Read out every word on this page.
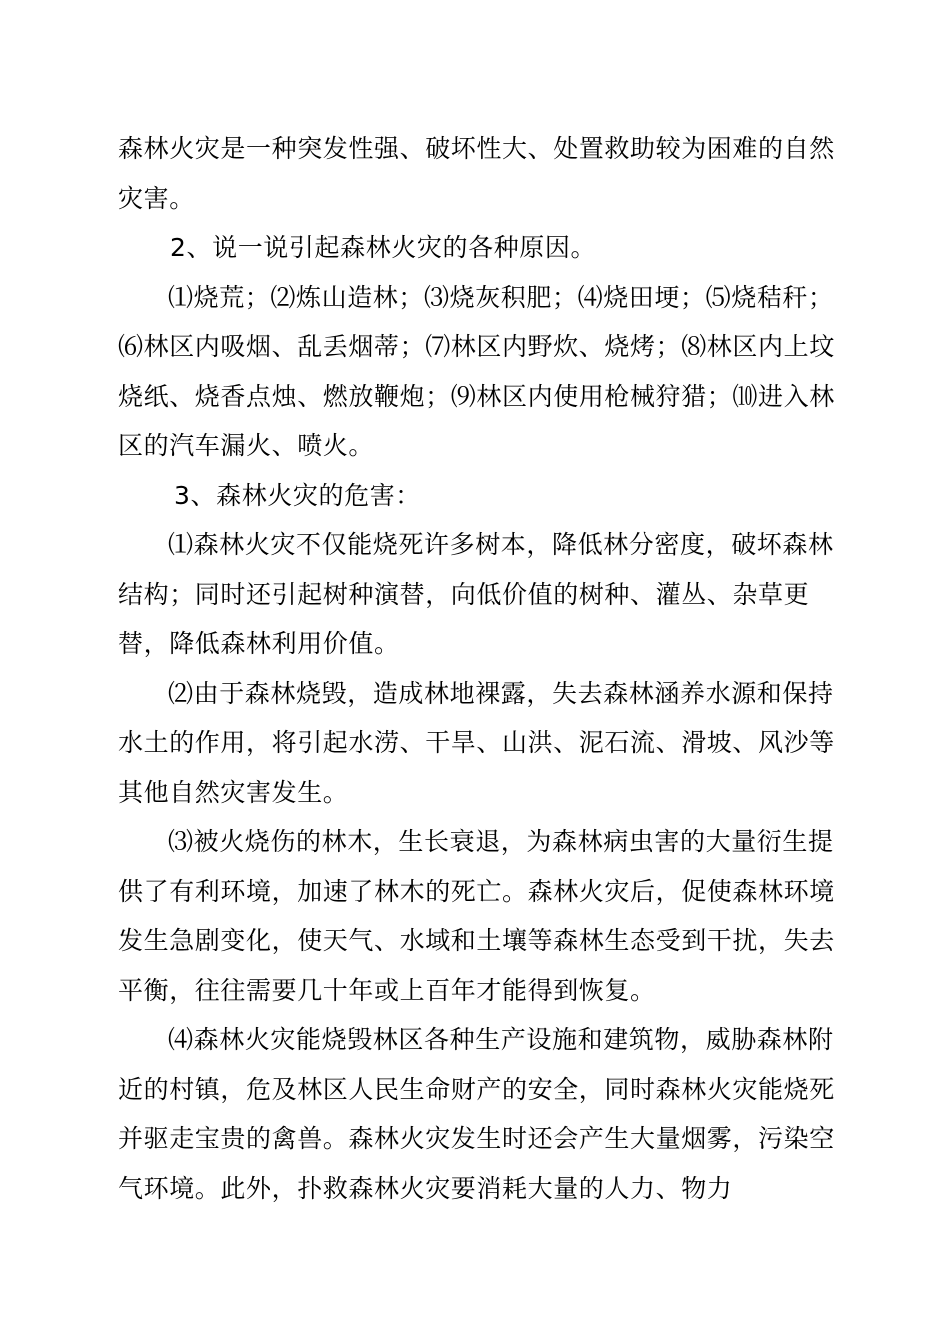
森林火灾是一种突发性强、破坏性大、处置救助较为困难的自然灾害。

2、说一说引起森林火灾的各种原因。

⑴烧荒；⑵炼山造林；⑶烧灰积肥；⑷烧田埂；⑸烧秸秆；

⑹林区内吸烟、乱丢烟蒂；⑺林区内野炊、烧烤；⑻林区内上坟烧纸、烧香点烛、燃放鞭炮；⑼林区内使用枪械狩猎；⑽进入林区的汽车漏火、喷火。

3、森林火灾的危害：

⑴森林火灾不仅能烧死许多树本，降低林分密度，破坏森林结构；同时还引起树种演替，向低价值的树种、灌丛、杂草更替，降低森林利用价值。

⑵由于森林烧毁，造成林地裸露，失去森林涵养水源和保持水土的作用，将引起水涝、干旱、山洪、泥石流、滑坡、风沙等其他自然灾害发生。

⑶被火烧伤的林木，生长衰退，为森林病虫害的大量衍生提供了有利环境，加速了林木的死亡。森林火灾后，促使森林环境发生急剧变化，使天气、水域和土壤等森林生态受到干扰，失去平衡，往往需要几十年或上百年才能得到恢复。

⑷森林火灾能烧毁林区各种生产设施和建筑物，威胁森林附近的村镇，危及林区人民生命财产的安全，同时森林火灾能烧死并驱走宝贵的禽兽。森林火灾发生时还会产生大量烟雾，污染空气环境。此外，扑救森林火灾要消耗大量的人力、物力
